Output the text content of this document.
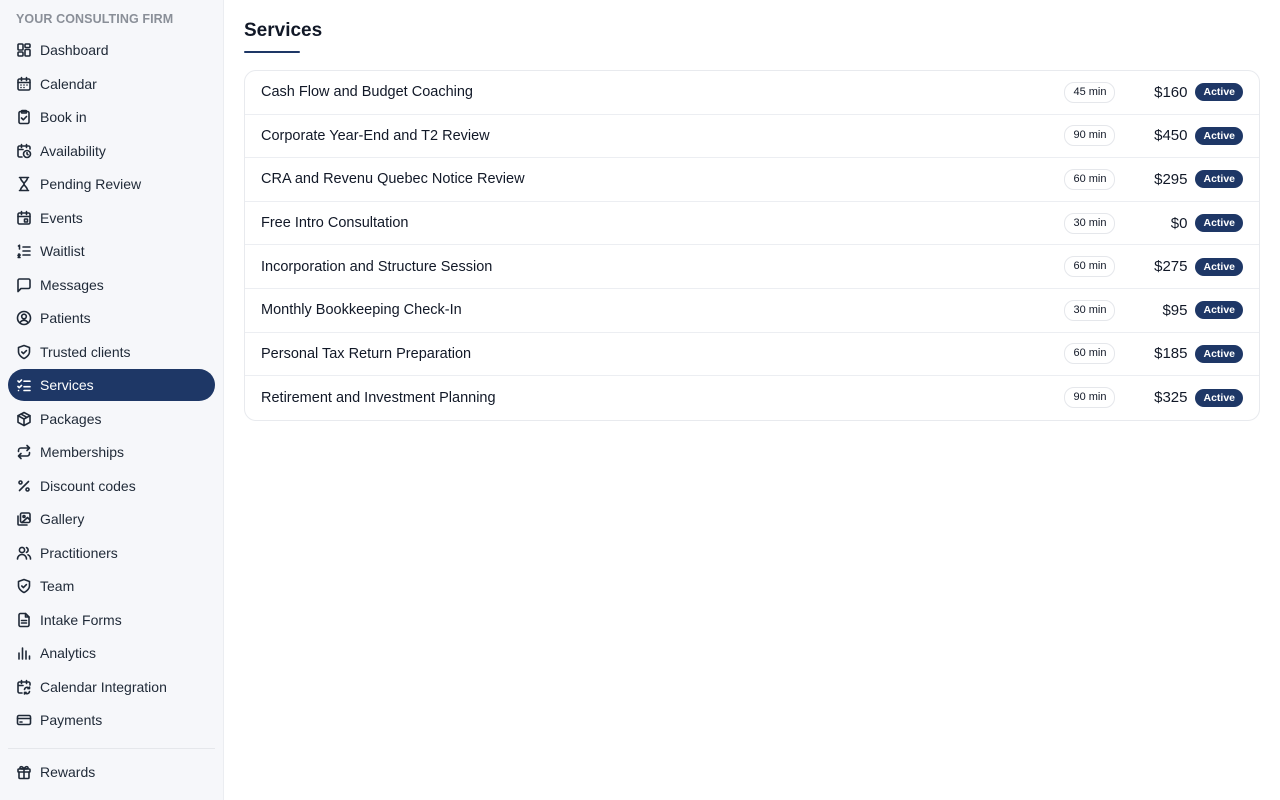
YOUR CONSULTING FIRM
Dashboard
Calendar
Book in
Availability
Pending Review
Events
Waitlist
Messages
Patients
Trusted clients
Services
Packages
Memberships
Discount codes
Gallery
Practitioners
Team
Intake Forms
Analytics
Calendar Integration
Payments
Rewards
Services
Cash Flow and Budget Coaching	45 min	$160	Active
Corporate Year-End and T2 Review	90 min	$450	Active
CRA and Revenu Quebec Notice Review	60 min	$295	Active
Free Intro Consultation	30 min	$0	Active
Incorporation and Structure Session	60 min	$275	Active
Monthly Bookkeeping Check-In	30 min	$95	Active
Personal Tax Return Preparation	60 min	$185	Active
Retirement and Investment Planning	90 min	$325	Active
